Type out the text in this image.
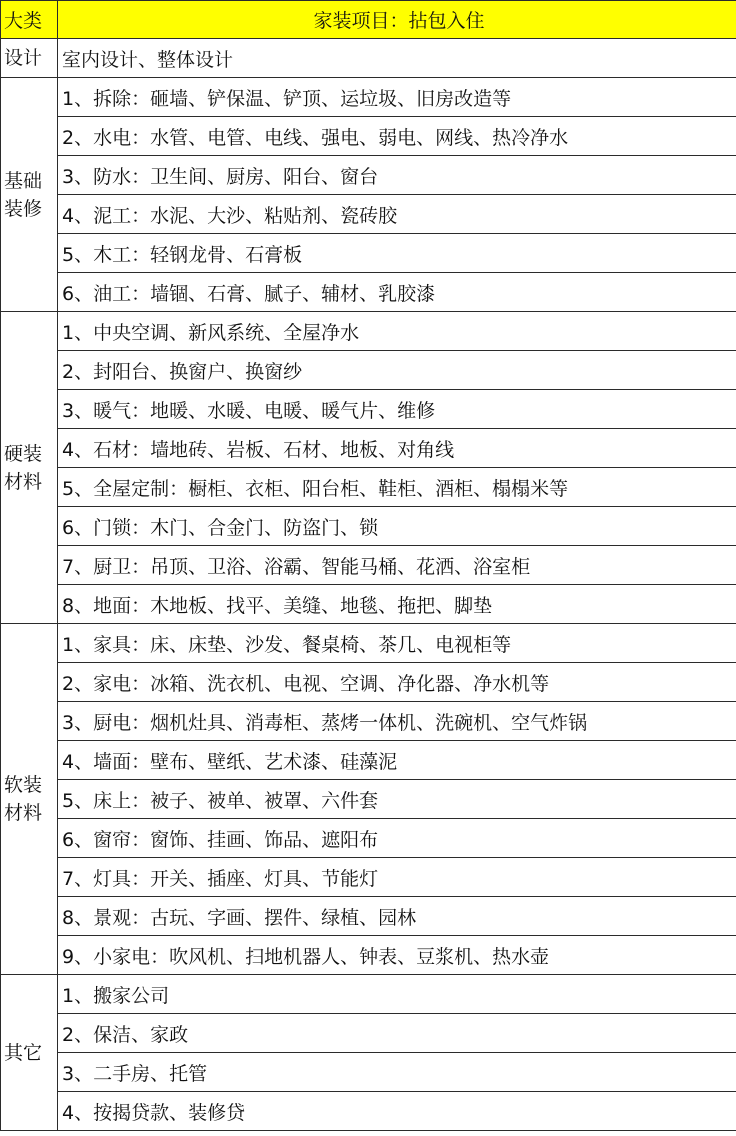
大类	家装项目：拈包入住
设计	室内设计、整体设计
基础
装修	1、拆除：砸墙、铲保温、铲顶、运垃圾、旧房改造等
	2、水电：水管、电管、电线、强电、弱电、网线、热冷净水
	3、防水：卫生间、厨房、阳台、窗台
	4、泥工：水泥、大沙、粘贴剂、瓷砖胶
	5、木工：轻钢龙骨、石膏板
	6、油工：墙锢、石膏、腻子、辅材、乳胶漆
硬装
材料	1、中央空调、新风系统、全屋净水
	2、封阳台、换窗户、换窗纱
	3、暖气：地暖、水暖、电暖、暖气片、维修
	4、石材：墙地砖、岩板、石材、地板、对角线
	5、全屋定制：橱柜、衣柜、阳台柜、鞋柜、酒柜、榻榻米等
	6、门锁：木门、合金门、防盗门、锁
	7、厨卫：吊顶、卫浴、浴霸、智能马桶、花洒、浴室柜
	8、地面：木地板、找平、美缝、地毯、拖把、脚垫
软装
材料	1、家具：床、床垫、沙发、餐桌椅、茶几、电视柜等
	2、家电：冰箱、洗衣机、电视、空调、净化器、净水机等
	3、厨电：烟机灶具、消毒柜、蒸烤一体机、洗碗机、空气炸锅
	4、墙面：壁布、壁纸、艺术漆、硅藻泥
	5、床上：被子、被单、被罩、六件套
	6、窗帘：窗饰、挂画、饰品、遮阳布
	7、灯具：开关、插座、灯具、节能灯
	8、景观：古玩、字画、摆件、绿植、园林
	9、小家电：吹风机、扫地机器人、钟表、豆浆机、热水壶
其它	1、搬家公司
	2、保洁、家政
	3、二手房、托管
	4、按揭贷款、装修贷
